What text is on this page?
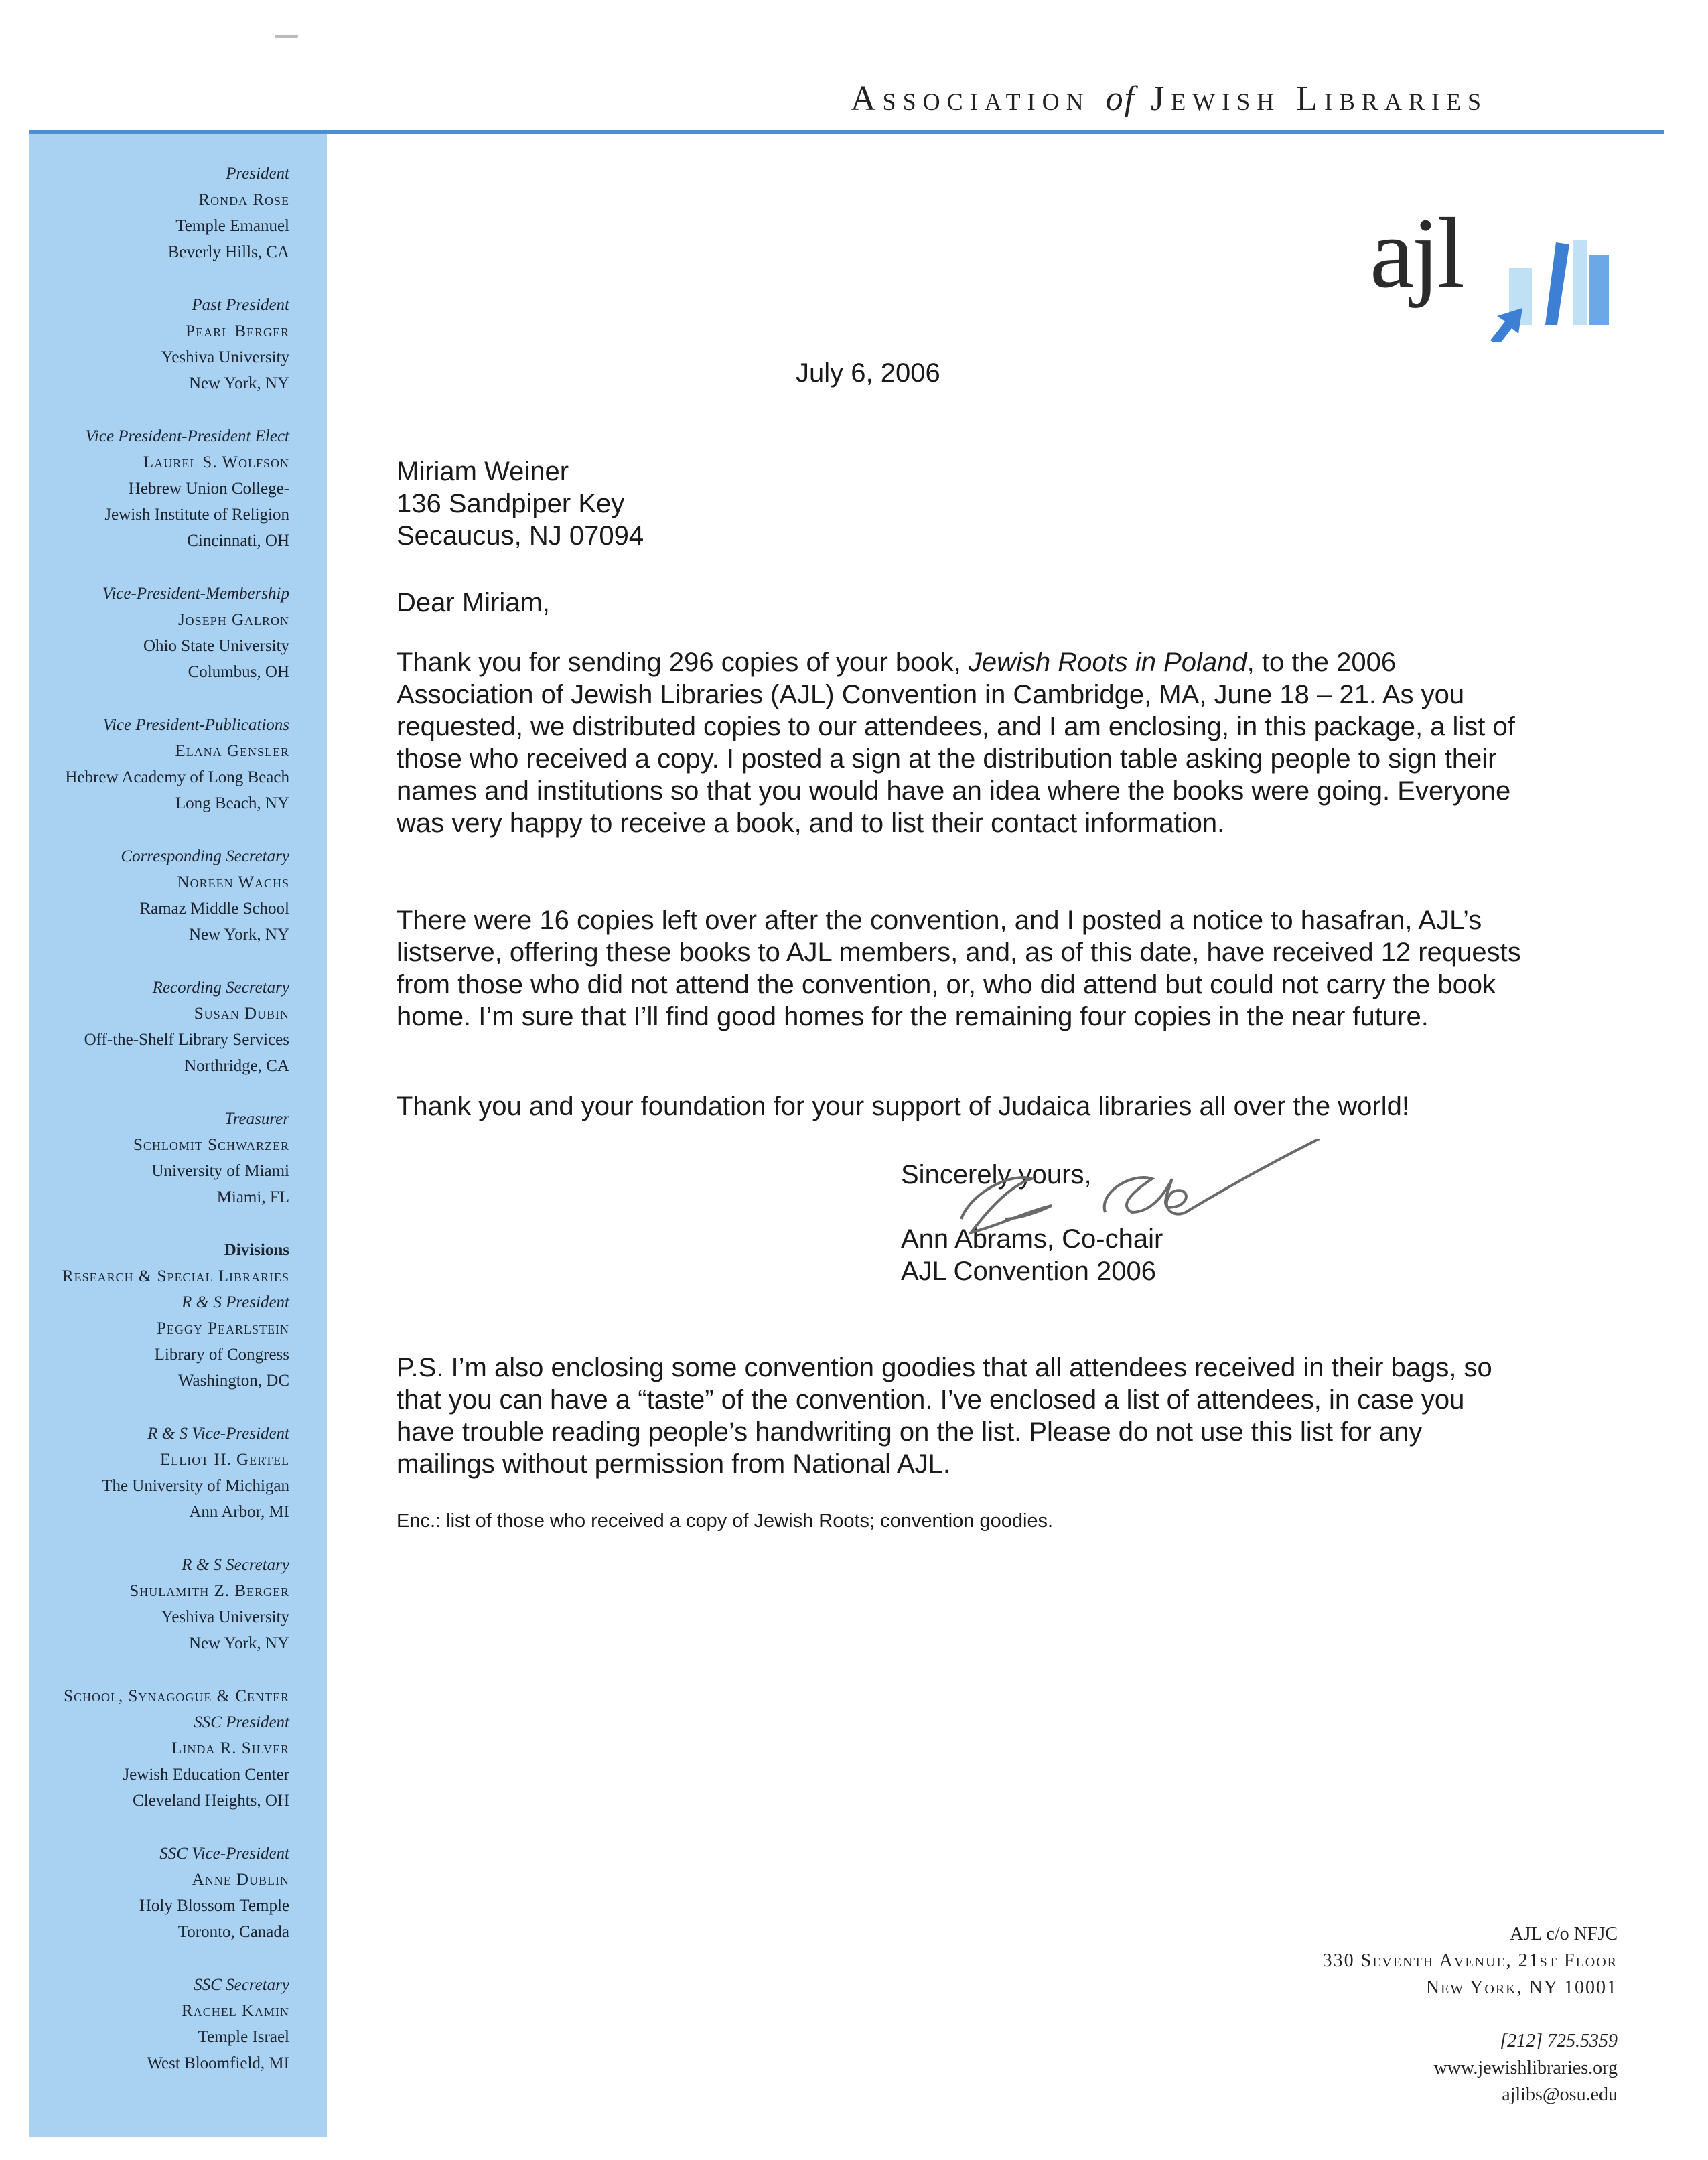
Association of Jewish Libraries
ajl
President
Ronda Rose
Temple Emanuel
Beverly Hills, CA
Past President
Pearl Berger
Yeshiva University
New York, NY
Vice President-President Elect
Laurel S. Wolfson
Hebrew Union College-
Jewish Institute of Religion
Cincinnati, OH
Vice-President-Membership
Joseph Galron
Ohio State University
Columbus, OH
Vice President-Publications
Elana Gensler
Hebrew Academy of Long Beach
Long Beach, NY
Corresponding Secretary
Noreen Wachs
Ramaz Middle School
New York, NY
Recording Secretary
Susan Dubin
Off-the-Shelf Library Services
Northridge, CA
Treasurer
Schlomit Schwarzer
University of Miami
Miami, FL
Divisions
Research & Special Libraries
R & S President
Peggy Pearlstein
Library of Congress
Washington, DC
R & S Vice-President
Elliot H. Gertel
The University of Michigan
Ann Arbor, MI
R & S Secretary
Shulamith Z. Berger
Yeshiva University
New York, NY
School, Synagogue & Center
SSC President
Linda R. Silver
Jewish Education Center
Cleveland Heights, OH
SSC Vice-President
Anne Dublin
Holy Blossom Temple
Toronto, Canada
SSC Secretary
Rachel Kamin
Temple Israel
West Bloomfield, MI
July 6, 2006
Miriam Weiner
136 Sandpiper Key
Secaucus, NJ 07094
Dear Miriam,
Thank you for sending 296 copies of your book, Jewish Roots in Poland, to the 2006 Association of Jewish Libraries (AJL) Convention in Cambridge, MA, June 18 – 21. As you requested, we distributed copies to our attendees, and I am enclosing, in this package, a list of those who received a copy. I posted a sign at the distribution table asking people to sign their names and institutions so that you would have an idea where the books were going. Everyone was very happy to receive a book, and to list their contact information.
There were 16 copies left over after the convention, and I posted a notice to hasafran, AJL’s listserve, offering these books to AJL members, and, as of this date, have received 12 requests from those who did not attend the convention, or, who did attend but could not carry the book home. I’m sure that I’ll find good homes for the remaining four copies in the near future.
Thank you and your foundation for your support of Judaica libraries all over the world!
Sincerely yours,
Ann Abrams, Co-chair
AJL Convention 2006
P.S. I’m also enclosing some convention goodies that all attendees received in their bags, so that you can have a “taste” of the convention. I’ve enclosed a list of attendees, in case you have trouble reading people’s handwriting on the list. Please do not use this list for any mailings without permission from National AJL.
Enc.: list of those who received a copy of Jewish Roots; convention goodies.
AJL c/o NFJC
330 Seventh Avenue, 21st Floor
New York, NY 10001
[212] 725.5359
www.jewishlibraries.org
ajlibs@osu.edu
